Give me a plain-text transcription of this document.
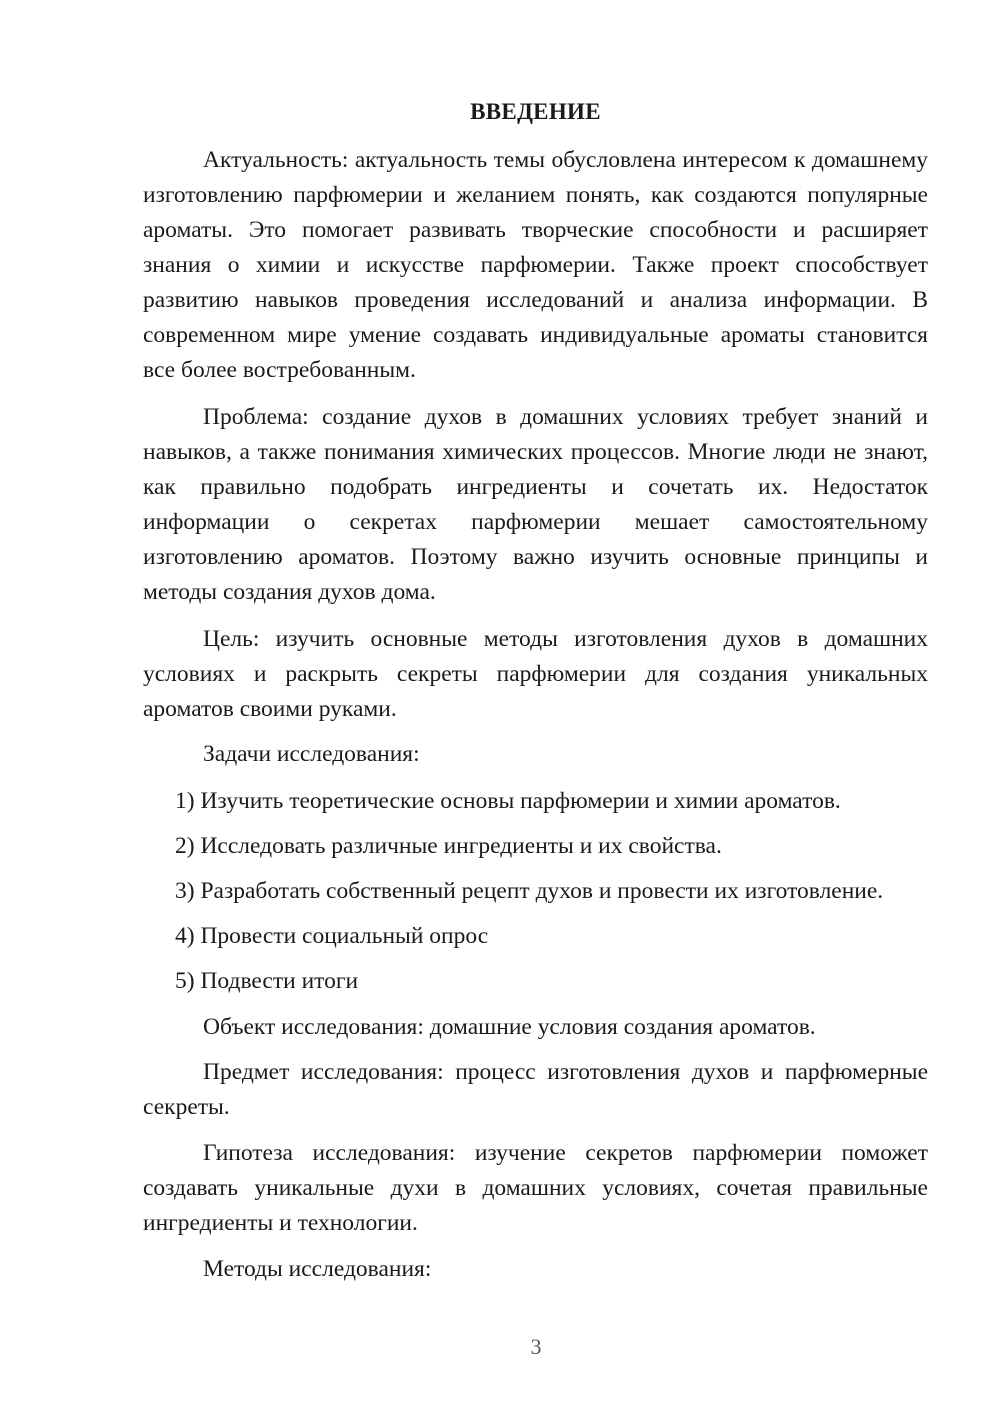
ВВЕДЕНИЕ

Актуальность: актуальность темы обусловлена интересом к домашнему изготовлению парфюмерии и желанием понять, как создаются популярные ароматы. Это помогает развивать творческие способности и расширяет знания о химии и искусстве парфюмерии. Также проект способствует развитию навыков проведения исследований и анализа информации. В современном мире умение создавать индивидуальные ароматы становится все более востребованным.

Проблема: создание духов в домашних условиях требует знаний и навыков, а также понимания химических процессов. Многие люди не знают, как правильно подобрать ингредиенты и сочетать их. Недостаток информации о секретах парфюмерии мешает самостоятельному изготовлению ароматов. Поэтому важно изучить основные принципы и методы создания духов дома.

Цель: изучить основные методы изготовления духов в домашних условиях и раскрыть секреты парфюмерии для создания уникальных ароматов своими руками.

Задачи исследования:

1) Изучить теоретические основы парфюмерии и химии ароматов.
2) Исследовать различные ингредиенты и их свойства.
3) Разработать собственный рецепт духов и провести их изготовление.
4) Провести социальный опрос
5) Подвести итоги

Объект исследования: домашние условия создания ароматов.

Предмет исследования: процесс изготовления духов и парфюмерные секреты.

Гипотеза исследования: изучение секретов парфюмерии поможет создавать уникальные духи в домашних условиях, сочетая правильные ингредиенты и технологии.

Методы исследования:

3
